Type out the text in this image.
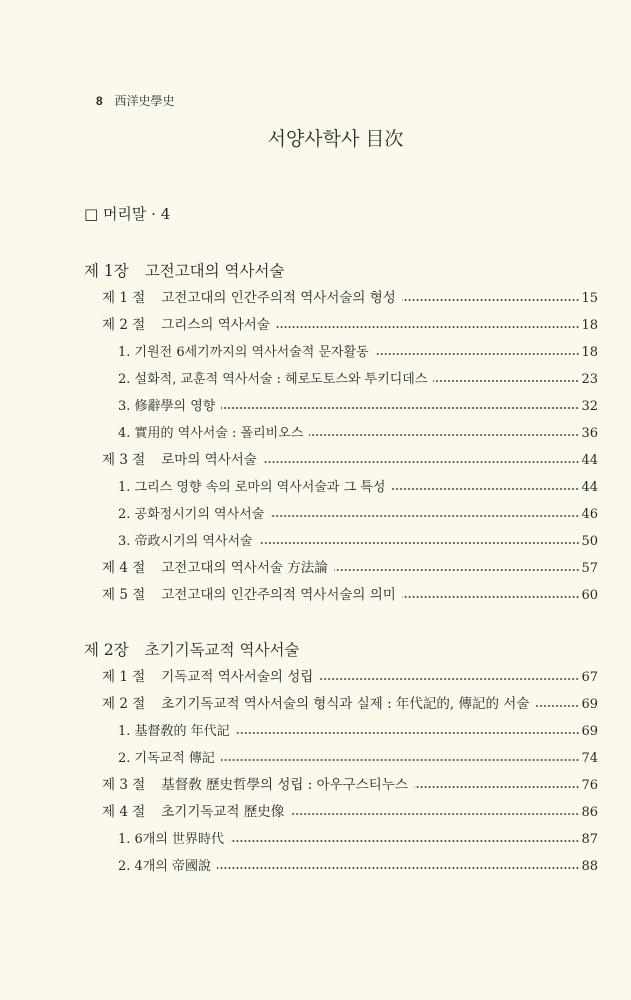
8 西洋史學史
서양사학사 目次
□ 머리말 · 4
제 1장 고전고대의 역사서술
제 1 절 고전고대의 인간주의적 역사서술의 형성	15
제 2 절 그리스의 역사서술	18
1. 기원전 6세기까지의 역사서술적 문자활동	18
2. 설화적, 교훈적 역사서술 : 헤로도토스와 투키디데스	23
3. 修辭學의 영향	32
4. 實用的 역사서술 : 폴리비오스	36
제 3 절 로마의 역사서술	44
1. 그리스 영향 속의 로마의 역사서술과 그 특성	44
2. 공화정시기의 역사서술	46
3. 帝政시기의 역사서술	50
제 4 절 고전고대의 역사서술 方法論	57
제 5 절 고전고대의 인간주의적 역사서술의 의미	60
제 2장 초기기독교적 역사서술
제 1 절 기독교적 역사서술의 성립	67
제 2 절 초기기독교적 역사서술의 형식과 실제 : 年代記的, 傳記的 서술	69
1. 基督敎的 年代記	69
2. 기독교적 傳記	74
제 3 절 基督敎 歷史哲學의 성립 : 아우구스티누스	76
제 4 절 초기기독교적 歷史像	86
1. 6개의 世界時代	87
2. 4개의 帝國說	88
